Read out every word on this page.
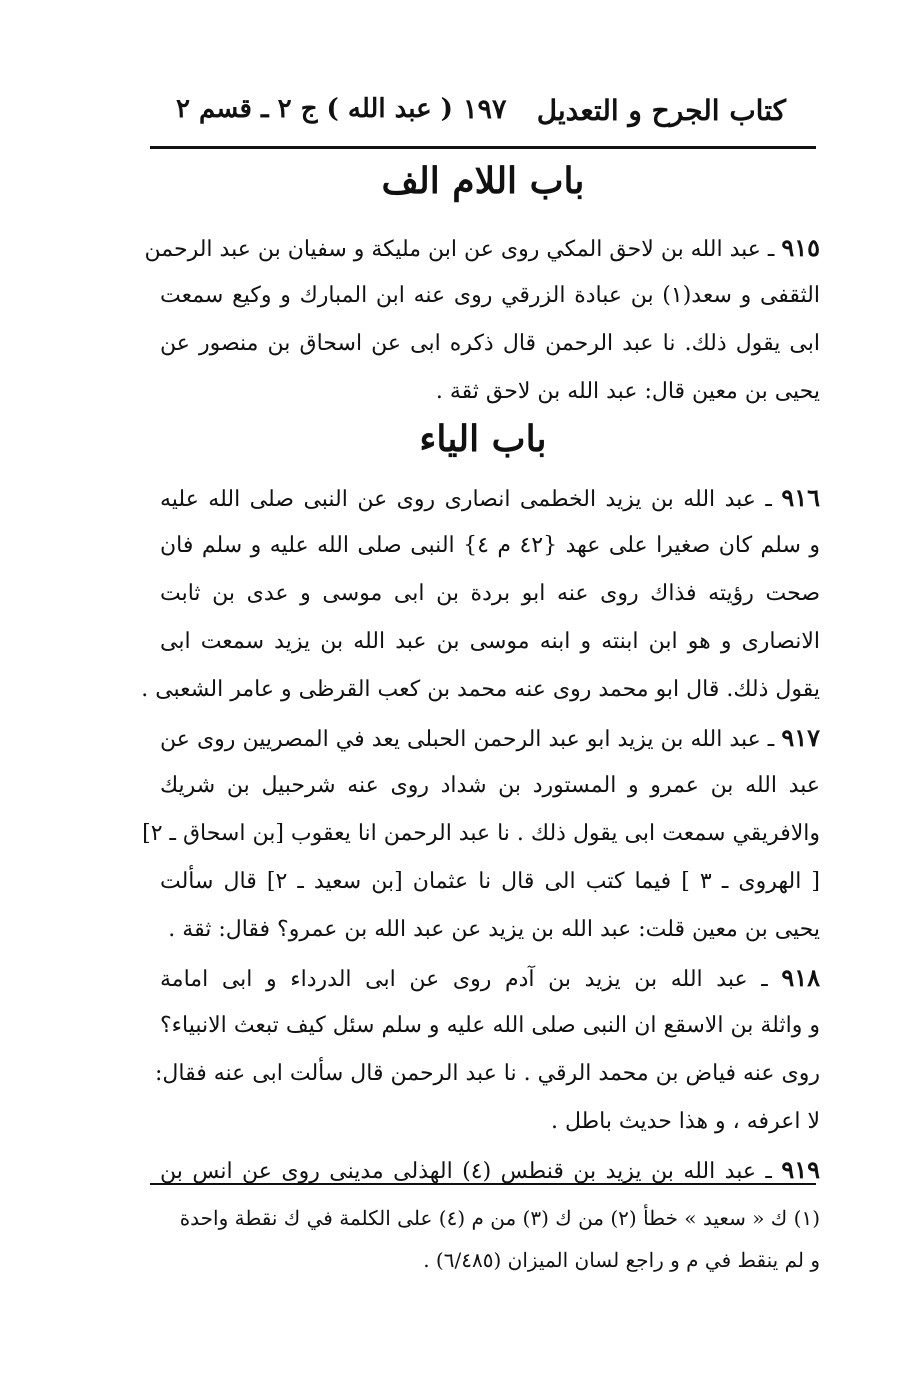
كتاب الجرح و التعديل
١٩٧
( عبد الله ) ج ٢ ـ قسم ٢
باب اللام الف
٩١٥ ـ عبد الله بن لاحق المكي روى عن ابن مليكة و سفيان بن عبد الرحمن
الثقفى و سعد(١) بن عبادة الزرقي روى عنه ابن المبارك و وكيع سمعت
ابى يقول ذلك. نا عبد الرحمن قال ذكره ابى عن اسحاق بن منصور عن
يحيى بن معين قال: عبد الله بن لاحق ثقة .
باب الياء
٩١٦ ـ عبد الله بن يزيد الخطمى انصارى روى عن النبى صلى الله عليه
و سلم كان صغيرا على عهد {٤٢ م ٤} النبى صلى الله عليه و سلم فان
صحت رؤيته فذاك روى عنه ابو بردة بن ابى موسى و عدى بن ثابت
الانصارى و هو ابن ابنته و ابنه موسى بن عبد الله بن يزيد سمعت ابى
يقول ذلك. قال ابو محمد روى عنه محمد بن كعب القرظى و عامر الشعبى .
٩١٧ ـ عبد الله بن يزيد ابو عبد الرحمن الحبلى يعد في المصريين روى عن
عبد الله بن عمرو و المستورد بن شداد روى عنه شرحبيل بن شريك
والافريقي سمعت ابى يقول ذلك . نا عبد الرحمن انا يعقوب [بن اسحاق ـ ٢]
[ الهروى ـ ٣ ] فيما كتب الى قال نا عثمان [بن سعيد ـ ٢] قال سألت
يحيى بن معين قلت: عبد الله بن يزيد عن عبد الله بن عمرو؟ فقال: ثقة .
٩١٨ ـ عبد الله بن يزيد بن آدم روى عن ابى الدرداء و ابى امامة
و واثلة بن الاسقع ان النبى صلى الله عليه و سلم سئل كيف تبعث الانبياء؟
روى عنه فياض بن محمد الرقي . نا عبد الرحمن قال سألت ابى عنه فقال:
لا اعرفه ، و هذا حديث باطل .
٩١٩ ـ عبد الله بن يزيد بن قنطس (٤) الهذلى مدينى روى عن انس بن
(١) ك « سعيد » خطأ (٢) من ك (٣) من م (٤) على الكلمة في ك نقطة واحدة
و لم ينقط في م و راجع لسان الميزان (٦/٤٨٥) .
